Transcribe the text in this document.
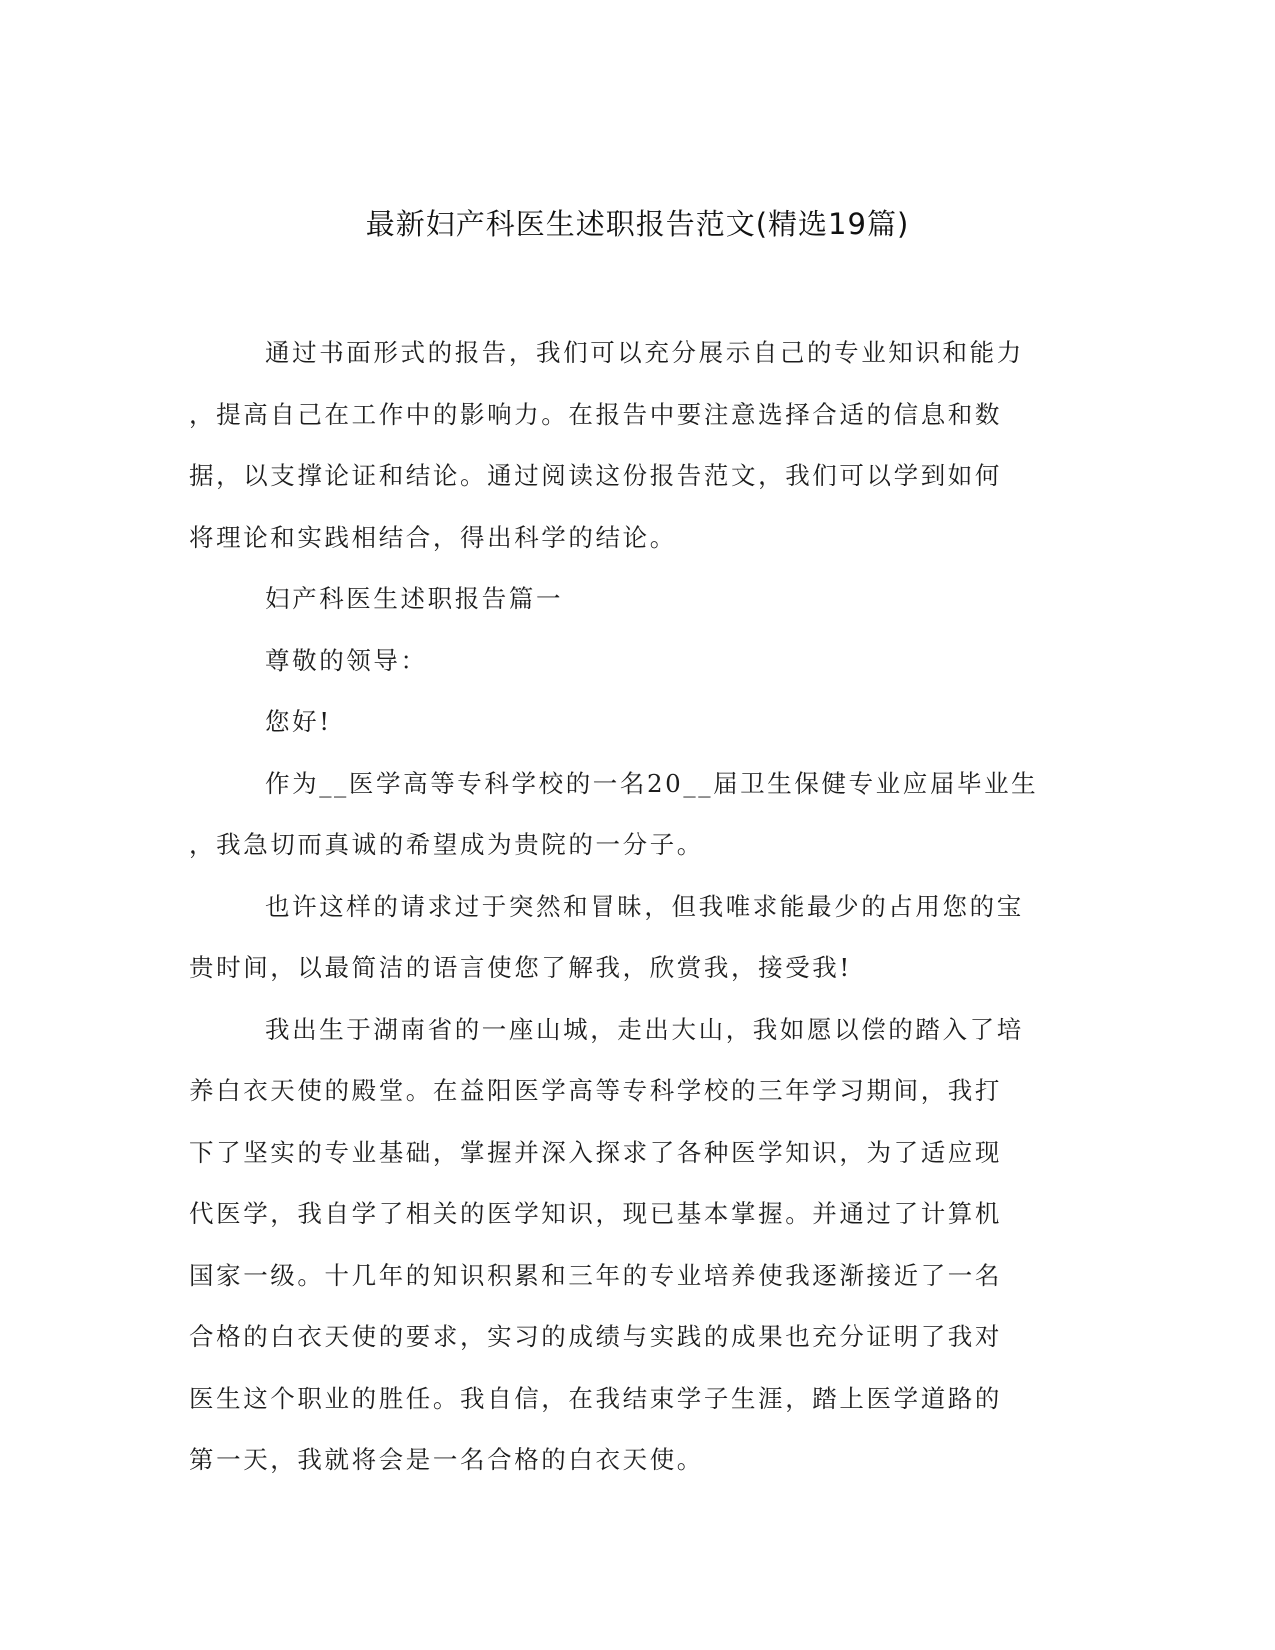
最新妇产科医生述职报告范文(精选19篇)
通过书面形式的报告，我们可以充分展示自己的专业知识和能力
，提高自己在工作中的影响力。在报告中要注意选择合适的信息和数
据，以支撑论证和结论。通过阅读这份报告范文，我们可以学到如何
将理论和实践相结合，得出科学的结论。
妇产科医生述职报告篇一
尊敬的领导：
您好!
作为__医学高等专科学校的一名20__届卫生保健专业应届毕业生
，我急切而真诚的希望成为贵院的一分子。
也许这样的请求过于突然和冒昧，但我唯求能最少的占用您的宝
贵时间，以最简洁的语言使您了解我，欣赏我，接受我!
我出生于湖南省的一座山城，走出大山，我如愿以偿的踏入了培
养白衣天使的殿堂。在益阳医学高等专科学校的三年学习期间，我打
下了坚实的专业基础，掌握并深入探求了各种医学知识，为了适应现
代医学，我自学了相关的医学知识，现已基本掌握。并通过了计算机
国家一级。十几年的知识积累和三年的专业培养使我逐渐接近了一名
合格的白衣天使的要求，实习的成绩与实践的成果也充分证明了我对
医生这个职业的胜任。我自信，在我结束学子生涯，踏上医学道路的
第一天，我就将会是一名合格的白衣天使。
